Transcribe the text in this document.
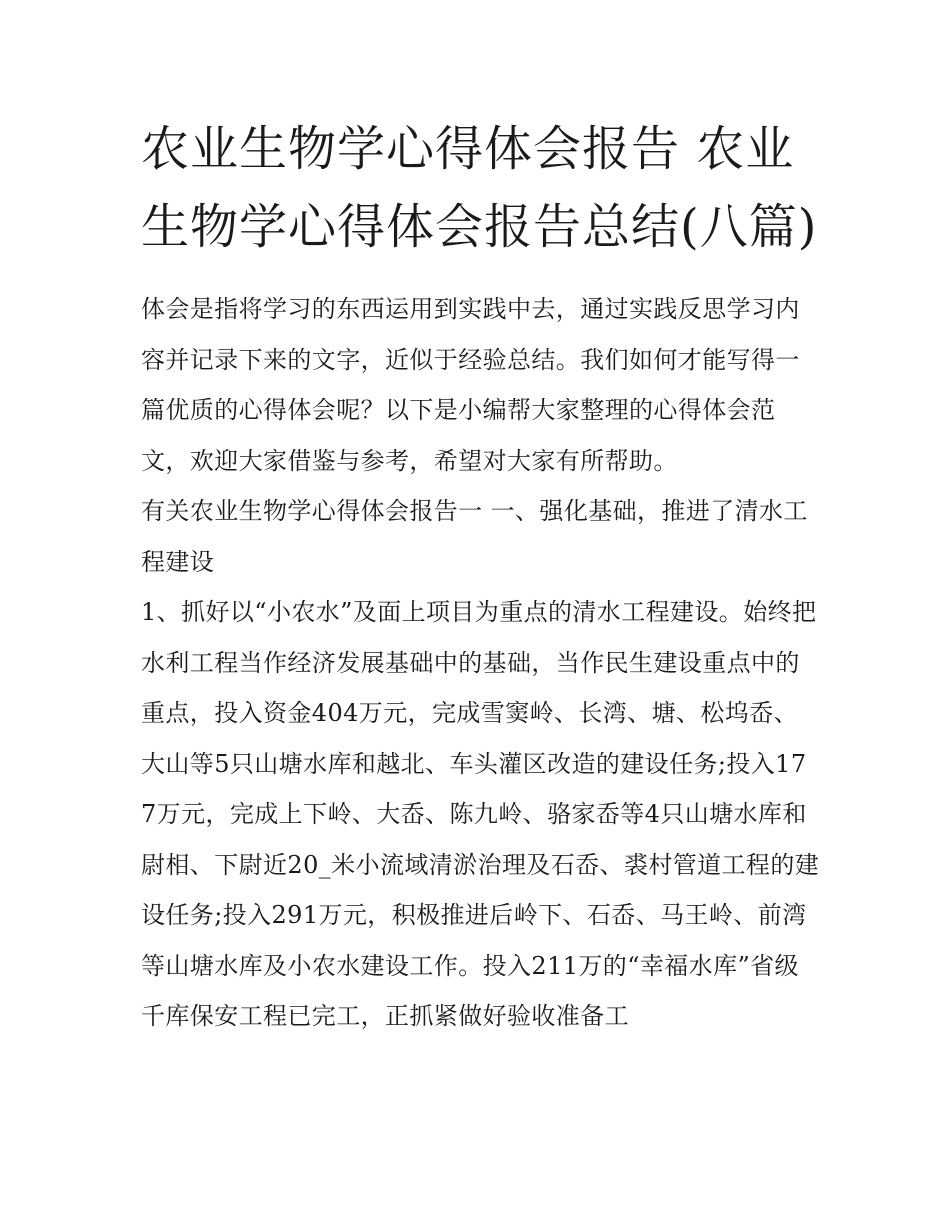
农业生物学心得体会报告 农业生物学心得体会报告总结(八篇)

体会是指将学习的东西运用到实践中去，通过实践反思学习内容并记录下来的文字，近似于经验总结。我们如何才能写得一篇优质的心得体会呢？以下是小编帮大家整理的心得体会范文，欢迎大家借鉴与参考，希望对大家有所帮助。

有关农业生物学心得体会报告一 一、强化基础，推进了清水工程建设

1、抓好以“小农水”及面上项目为重点的清水工程建设。始终把水利工程当作经济发展基础中的基础，当作民生建设重点中的重点，投入资金404万元，完成雪窦岭、长湾、塘、松坞岙、大山等5只山塘水库和越北、车头灌区改造的建设任务;投入177万元，完成上下岭、大岙、陈九岭、骆家岙等4只山塘水库和尉相、下尉近20_米小流域清淤治理及石岙、裘村管道工程的建设任务;投入291万元，积极推进后岭下、石岙、马王岭、前湾等山塘水库及小农水建设工作。投入211万的“幸福水库”省级千库保安工程已完工，正抓紧做好验收准备工
